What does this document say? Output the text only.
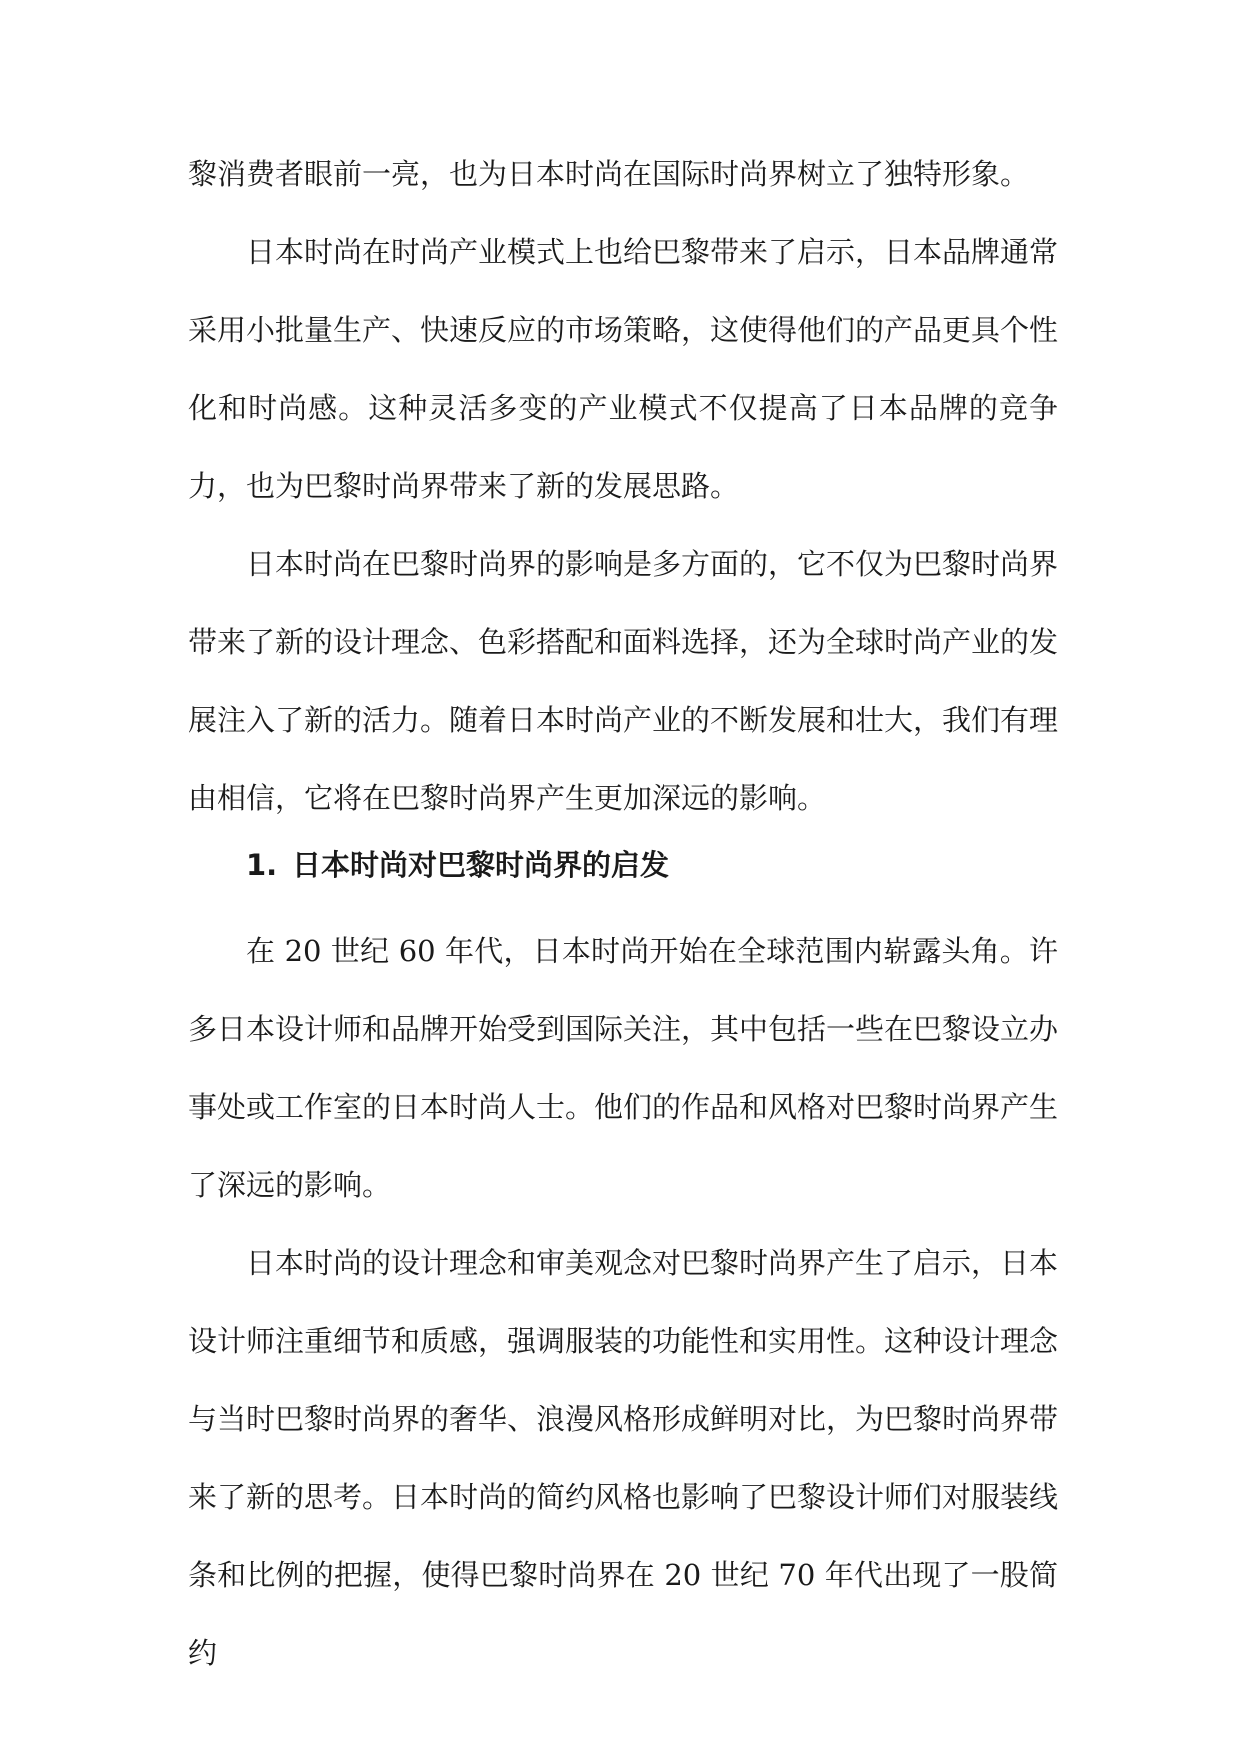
黎消费者眼前一亮，也为日本时尚在国际时尚界树立了独特形象。

日本时尚在时尚产业模式上也给巴黎带来了启示，日本品牌通常采用小批量生产、快速反应的市场策略，这使得他们的产品更具个性化和时尚感。这种灵活多变的产业模式不仅提高了日本品牌的竞争力，也为巴黎时尚界带来了新的发展思路。

日本时尚在巴黎时尚界的影响是多方面的，它不仅为巴黎时尚界带来了新的设计理念、色彩搭配和面料选择，还为全球时尚产业的发展注入了新的活力。随着日本时尚产业的不断发展和壮大，我们有理由相信，它将在巴黎时尚界产生更加深远的影响。

1. 日本时尚对巴黎时尚界的启发

在 20 世纪 60 年代，日本时尚开始在全球范围内崭露头角。许多日本设计师和品牌开始受到国际关注，其中包括一些在巴黎设立办事处或工作室的日本时尚人士。他们的作品和风格对巴黎时尚界产生了深远的影响。

日本时尚的设计理念和审美观念对巴黎时尚界产生了启示，日本设计师注重细节和质感，强调服装的功能性和实用性。这种设计理念与当时巴黎时尚界的奢华、浪漫风格形成鲜明对比，为巴黎时尚界带来了新的思考。日本时尚的简约风格也影响了巴黎设计师们对服装线条和比例的把握，使得巴黎时尚界在 20 世纪 70 年代出现了一股简约
